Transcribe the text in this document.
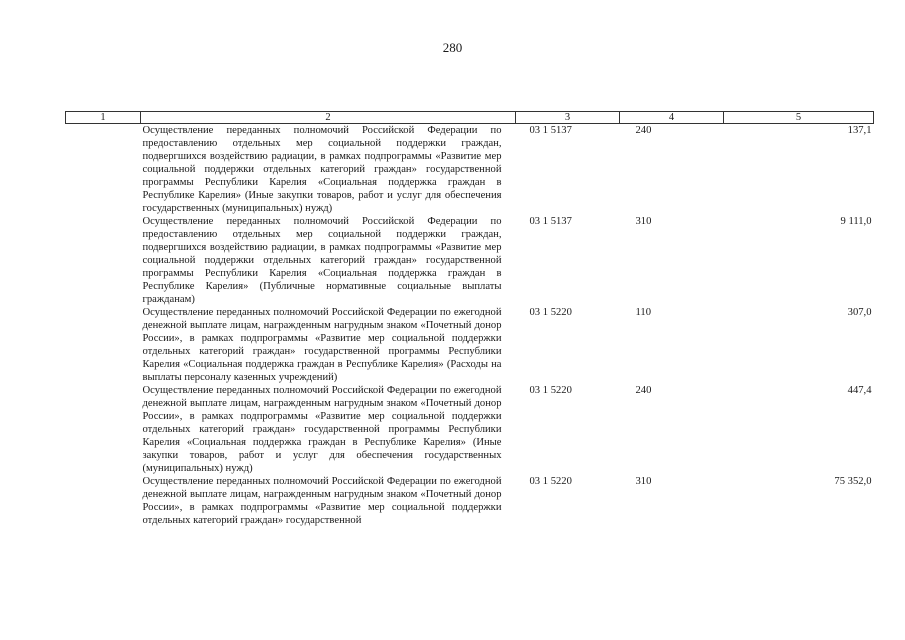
280
1	2	3	4	5
	Осуществление переданных полномочий Российской Федерации по предоставлению отдельных мер социальной поддержки граждан, подвергшихся воздействию радиации, в рамках подпрограммы «Развитие мер социальной поддержки отдельных категорий граждан» государственной программы Республики Карелия «Социальная поддержка граждан в Республике Карелия» (Иные закупки товаров, работ и услуг для обеспечения государственных (муниципальных) нужд)	03 1 5137	240	137,1
	Осуществление переданных полномочий Российской Федерации по предоставлению отдельных мер социальной поддержки граждан, подвергшихся воздействию радиации, в рамках подпрограммы «Развитие мер социальной поддержки отдельных категорий граждан» государственной программы Республики Карелия «Социальная поддержка граждан в Республике Карелия» (Публичные нормативные социальные выплаты гражданам)	03 1 5137	310	9 111,0
	Осуществление переданных полномочий Российской Федерации по ежегодной денежной выплате лицам, награжденным нагрудным знаком «Почетный донор России», в рамках подпрограммы «Развитие мер социальной поддержки отдельных категорий граждан» государственной программы Республики Карелия «Социальная поддержка граждан в Республике Карелия» (Расходы на выплаты персоналу казенных учреждений)	03 1 5220	110	307,0
	Осуществление переданных полномочий Российской Федерации по ежегодной денежной выплате лицам, награжденным нагрудным знаком «Почетный донор России», в рамках подпрограммы «Развитие мер социальной поддержки отдельных категорий граждан» государственной программы Республики Карелия «Социальная поддержка граждан в Республике Карелия» (Иные закупки товаров, работ и услуг для обеспечения государственных (муниципальных) нужд)	03 1 5220	240	447,4
	Осуществление переданных полномочий Российской Федерации по ежегодной денежной выплате лицам, награжденным нагрудным знаком «Почетный донор России», в рамках подпрограммы «Развитие мер социальной поддержки отдельных категорий граждан» государственной	03 1 5220	310	75 352,0
